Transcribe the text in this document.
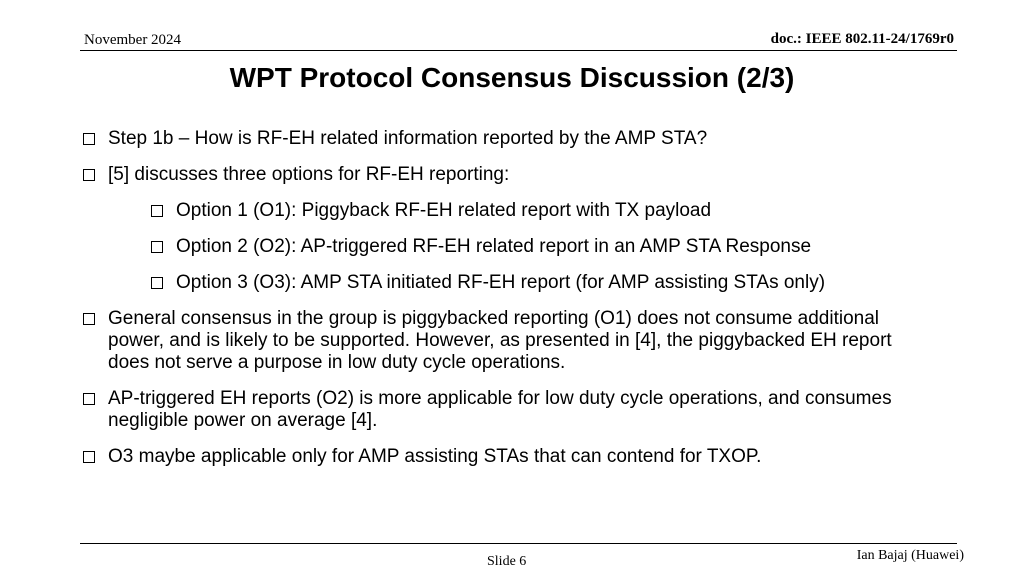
November 2024	doc.: IEEE 802.11-24/1769r0
WPT Protocol Consensus Discussion (2/3)
Step 1b – How is RF-EH related information reported by the AMP STA?
[5] discusses three options for RF-EH reporting:
Option 1 (O1): Piggyback RF-EH related report with TX payload
Option 2 (O2): AP-triggered RF-EH related report in an AMP STA Response
Option 3 (O3): AMP STA initiated RF-EH report (for AMP assisting STAs only)
General consensus in the group is piggybacked reporting (O1) does not consume additional power, and is likely to be supported. However, as presented in [4], the piggybacked EH report does not serve a purpose in low duty cycle operations.
AP-triggered EH reports (O2) is more applicable for low duty cycle operations, and consumes negligible power on average [4].
O3 maybe applicable only for AMP assisting STAs that can contend for TXOP.
Slide 6	Ian Bajaj (Huawei)
